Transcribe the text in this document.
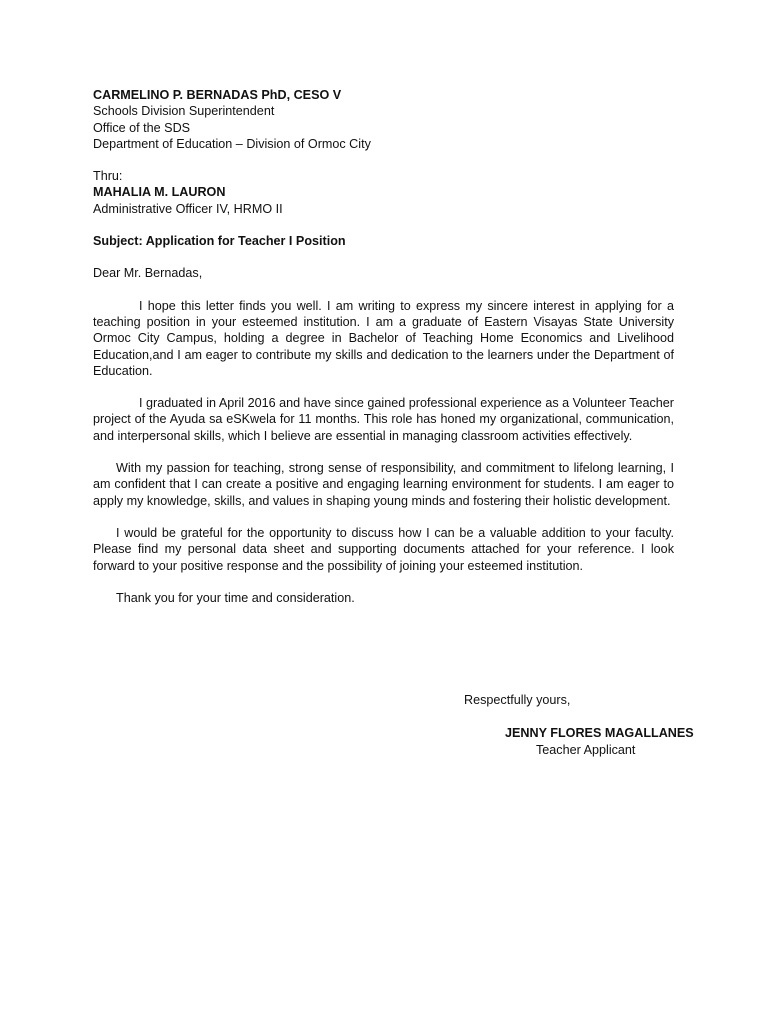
CARMELINO P. BERNADAS PhD, CESO V
Schools Division Superintendent
Office of the SDS
Department of Education – Division of Ormoc City
Thru:
MAHALIA M. LAURON
Administrative Officer IV, HRMO II
Subject: Application for Teacher I Position
Dear Mr. Bernadas,

I hope this letter finds you well. I am writing to express my sincere interest in applying for a teaching position in your esteemed institution. I am a graduate of Eastern Visayas State University Ormoc City Campus, holding a degree in Bachelor of Teaching Home Economics and Livelihood Education,and I am eager to contribute my skills and dedication to the learners under the Department of Education.

I graduated in April 2016 and have since gained professional experience as a Volunteer Teacher project of the Ayuda sa eSKwela for 11 months. This role has honed my organizational, communication, and interpersonal skills, which I believe are essential in managing classroom activities effectively.

With my passion for teaching, strong sense of responsibility, and commitment to lifelong learning, I am confident that I can create a positive and engaging learning environment for students. I am eager to apply my knowledge, skills, and values in shaping young minds and fostering their holistic development.

I would be grateful for the opportunity to discuss how I can be a valuable addition to your faculty. Please find my personal data sheet and supporting documents attached for your reference. I look forward to your positive response and the possibility of joining your esteemed institution.

Thank you for your time and consideration.

Respectfully yours,
JENNY FLORES MAGALLANES
Teacher Applicant
